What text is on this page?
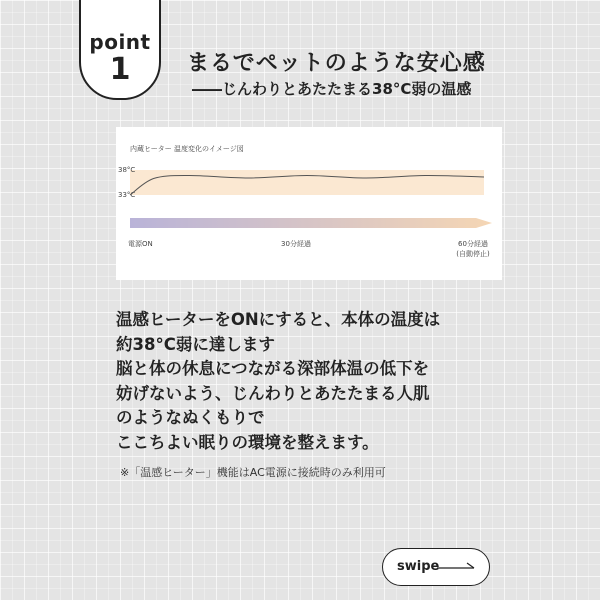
point
1	まるでペットのような安心感
――じんわりとあたたまる38°C弱の温感
内蔵ヒーター 温度変化のイメージ図
38°C
33°C
電源ON	30分経過	60分経過
(自動停止)
温感ヒーターをONにすると、本体の温度は
約38°C弱に達します
脳と体の休息につながる深部体温の低下を
妨げないよう、じんわりとあたたまる人肌
のようなぬくもりで
ここちよい眠りの環境を整えます。
※「温感ヒーター」機能はAC電源に接続時のみ利用可
swipe
